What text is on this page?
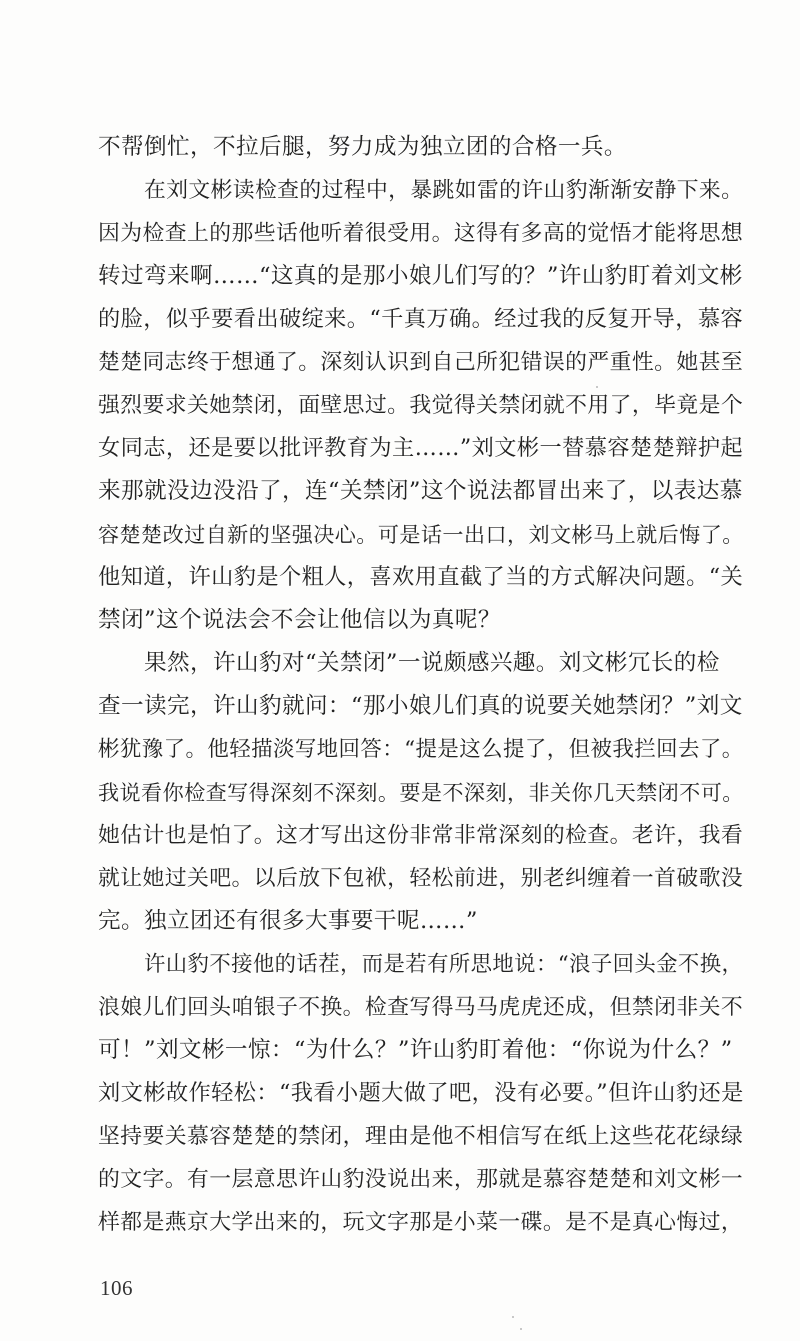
不帮倒忙，不拉后腿，努力成为独立团的合格一兵。
在刘文彬读检查的过程中，暴跳如雷的许山豹渐渐安静下来。
因为检查上的那些话他听着很受用。这得有多高的觉悟才能将思想
转过弯来啊……“这真的是那小娘儿们写的？”许山豹盯着刘文彬
的脸，似乎要看出破绽来。“千真万确。经过我的反复开导，慕容
楚楚同志终于想通了。深刻认识到自己所犯错误的严重性。她甚至
强烈要求关她禁闭，面壁思过。我觉得关禁闭就不用了，毕竟是个
女同志，还是要以批评教育为主……”刘文彬一替慕容楚楚辩护起
来那就没边没沿了，连“关禁闭”这个说法都冒出来了，以表达慕
容楚楚改过自新的坚强决心。可是话一出口，刘文彬马上就后悔了。
他知道，许山豹是个粗人，喜欢用直截了当的方式解决问题。“关
禁闭”这个说法会不会让他信以为真呢？
果然，许山豹对“关禁闭”一说颇感兴趣。刘文彬冗长的检
查一读完，许山豹就问：“那小娘儿们真的说要关她禁闭？”刘文
彬犹豫了。他轻描淡写地回答：“提是这么提了，但被我拦回去了。
我说看你检查写得深刻不深刻。要是不深刻，非关你几天禁闭不可。
她估计也是怕了。这才写出这份非常非常深刻的检查。老许，我看
就让她过关吧。以后放下包袱，轻松前进，别老纠缠着一首破歌没
完。独立团还有很多大事要干呢……”
许山豹不接他的话茬，而是若有所思地说：“浪子回头金不换，
浪娘儿们回头咱银子不换。检查写得马马虎虎还成，但禁闭非关不
可！”刘文彬一惊：“为什么？”许山豹盯着他：“你说为什么？”
刘文彬故作轻松：“我看小题大做了吧，没有必要。”但许山豹还是
坚持要关慕容楚楚的禁闭，理由是他不相信写在纸上这些花花绿绿
的文字。有一层意思许山豹没说出来，那就是慕容楚楚和刘文彬一
样都是燕京大学出来的，玩文字那是小菜一碟。是不是真心悔过，
106
